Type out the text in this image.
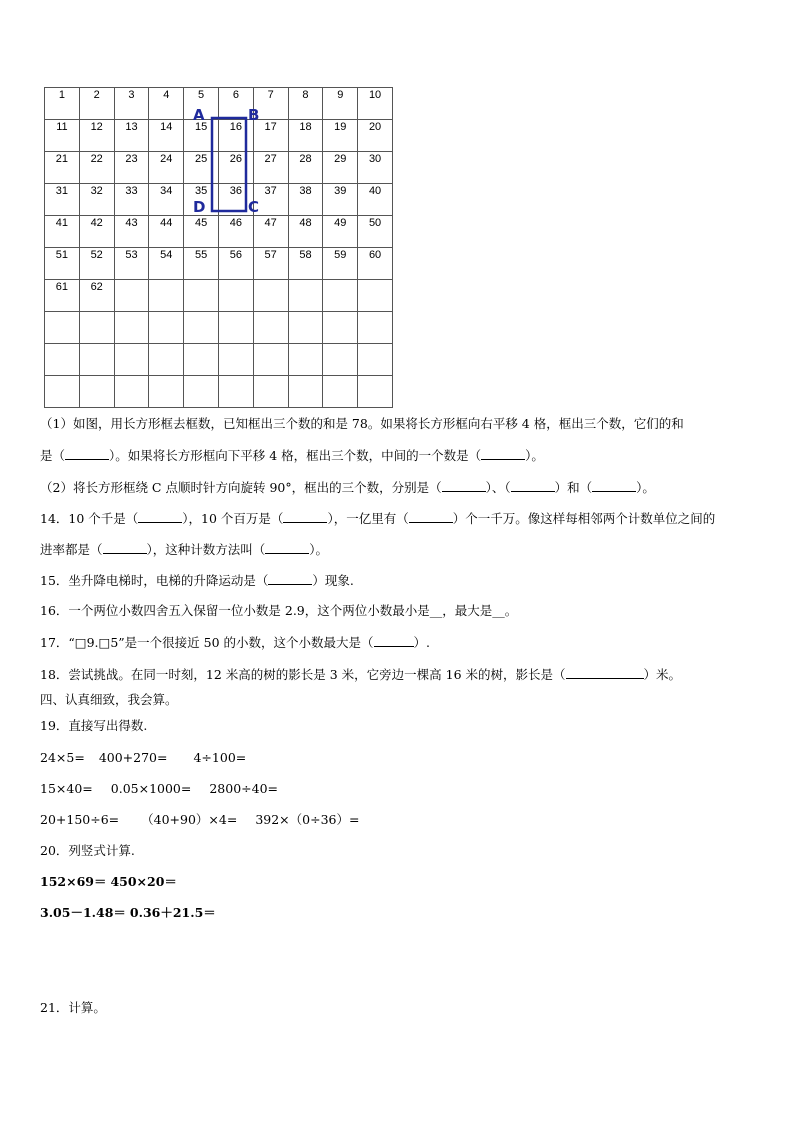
1	2	3	4	5	6	7	8	9	10
11	12	13	14	15	16	17	18	19	20
21	22	23	24	25	26	27	28	29	30
31	32	33	34	35	36	37	38	39	40
41	42	43	44	45	46	47	48	49	50
51	52	53	54	55	56	57	58	59	60
61	62								

A	B
C
D
（1）如图，用长方形框去框数，已知框出三个数的和是 78。如果将长方形框向右平移 4 格，框出三个数，它们的和
是（	）。如果将长方形框向下平移 4 格，框出三个数，中间的一个数是（	）。
（2）将长方形框绕 C 点顺时针方向旋转 90°，框出的三个数，分别是（	）、（	）和（	）。
14．10 个千是（	），10 个百万是（	），一亿里有（	）个一千万。像这样每相邻两个计数单位之间的
进率都是（	），这种计数方法叫（	）。
15．坐升降电梯时，电梯的升降运动是（	）现象.
16．一个两位小数四舍五入保留一位小数是 2.9，这个两位小数最小是__，最大是__。
17．“□9.□5”是一个很接近 50 的小数，这个小数最大是（	）.
18．尝试挑战。在同一时刻，12 米高的树的影长是 3 米，它旁边一棵高 16 米的树，影长是（	）米。
四、认真细致，我会算。
19．直接写出得数.
24×5= 400+270= 4÷100=
15×40= 0.05×1000= 2800÷40=
20+150÷6= （40+90）×4= 392×（0÷36）=
20．列竖式计算.
152×69＝ 450×20＝
3.05－1.48＝ 0.36＋21.5＝
21．计算。
